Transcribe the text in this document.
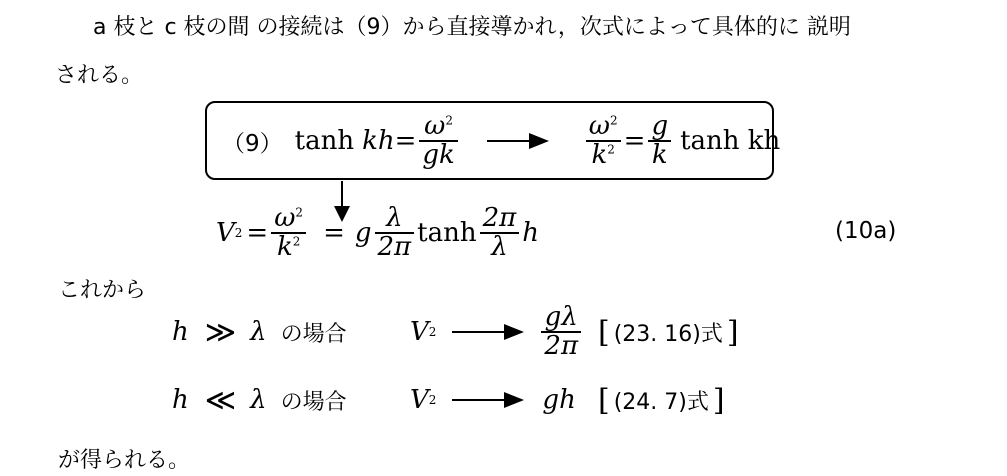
a 枝と c 枝の間 の接続は（9）から直接導かれ，次式によって具体的に 説明
される。
（9） tanh kh = $\frac{\omega^2}{gk}$	$\frac{\omega^2}{k^2} = \frac{g}{k}$ tanh kh
V $2 = \frac{\omega^2}{k^2} = g \frac{\lambda}{2\pi}$ $\tanh \frac{2\pi}{\lambda}$ h	(10a)
これから
h ≫ λ の場合 V 2	$\frac{g\lambda}{2\pi}$ [ (23. 16)式 ]
h ≪ λ の場合 V 2	gh [ (24. 7)式 ]
が得られる。
